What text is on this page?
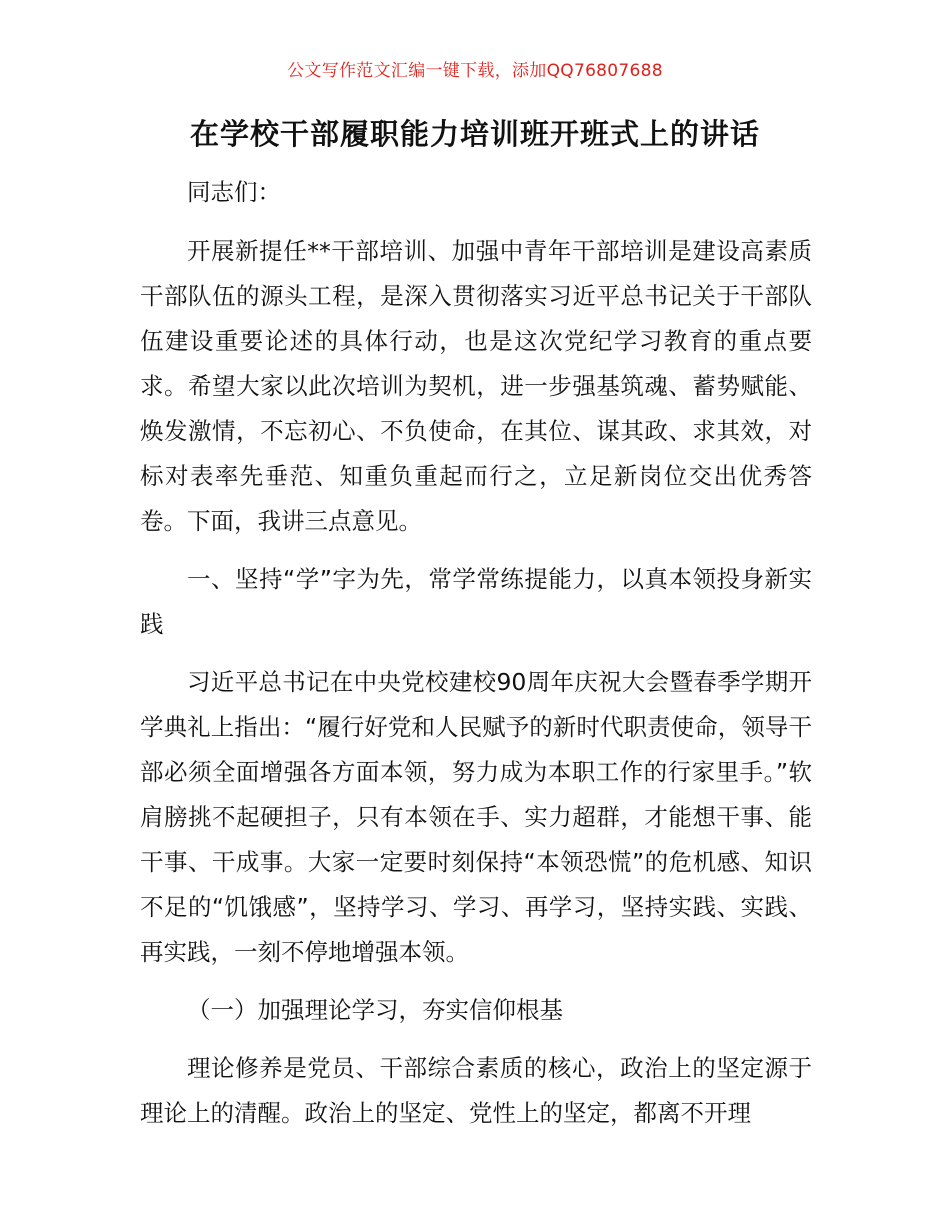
公文写作范文汇编一键下载，添加QQ76807688
在学校干部履职能力培训班开班式上的讲话

同志们：

开展新提任**干部培训、加强中青年干部培训是建设高素质干部队伍的源头工程，是深入贯彻落实习近平总书记关于干部队伍建设重要论述的具体行动，也是这次党纪学习教育的重点要求。希望大家以此次培训为契机，进一步强基筑魂、蓄势赋能、焕发激情，不忘初心、不负使命，在其位、谋其政、求其效，对标对表率先垂范、知重负重起而行之，立足新岗位交出优秀答卷。下面，我讲三点意见。

一、坚持“学”字为先，常学常练提能力，以真本领投身新实践

习近平总书记在中央党校建校90周年庆祝大会暨春季学期开学典礼上指出：“履行好党和人民赋予的新时代职责使命，领导干部必须全面增强各方面本领，努力成为本职工作的行家里手。”软肩膀挑不起硬担子，只有本领在手、实力超群，才能想干事、能干事、干成事。大家一定要时刻保持“本领恐慌”的危机感、知识不足的“饥饿感”，坚持学习、学习、再学习，坚持实践、实践、再实践，一刻不停地增强本领。

（一）加强理论学习，夯实信仰根基

理论修养是党员、干部综合素质的核心，政治上的坚定源于理论上的清醒。政治上的坚定、党性上的坚定，都离不开理
